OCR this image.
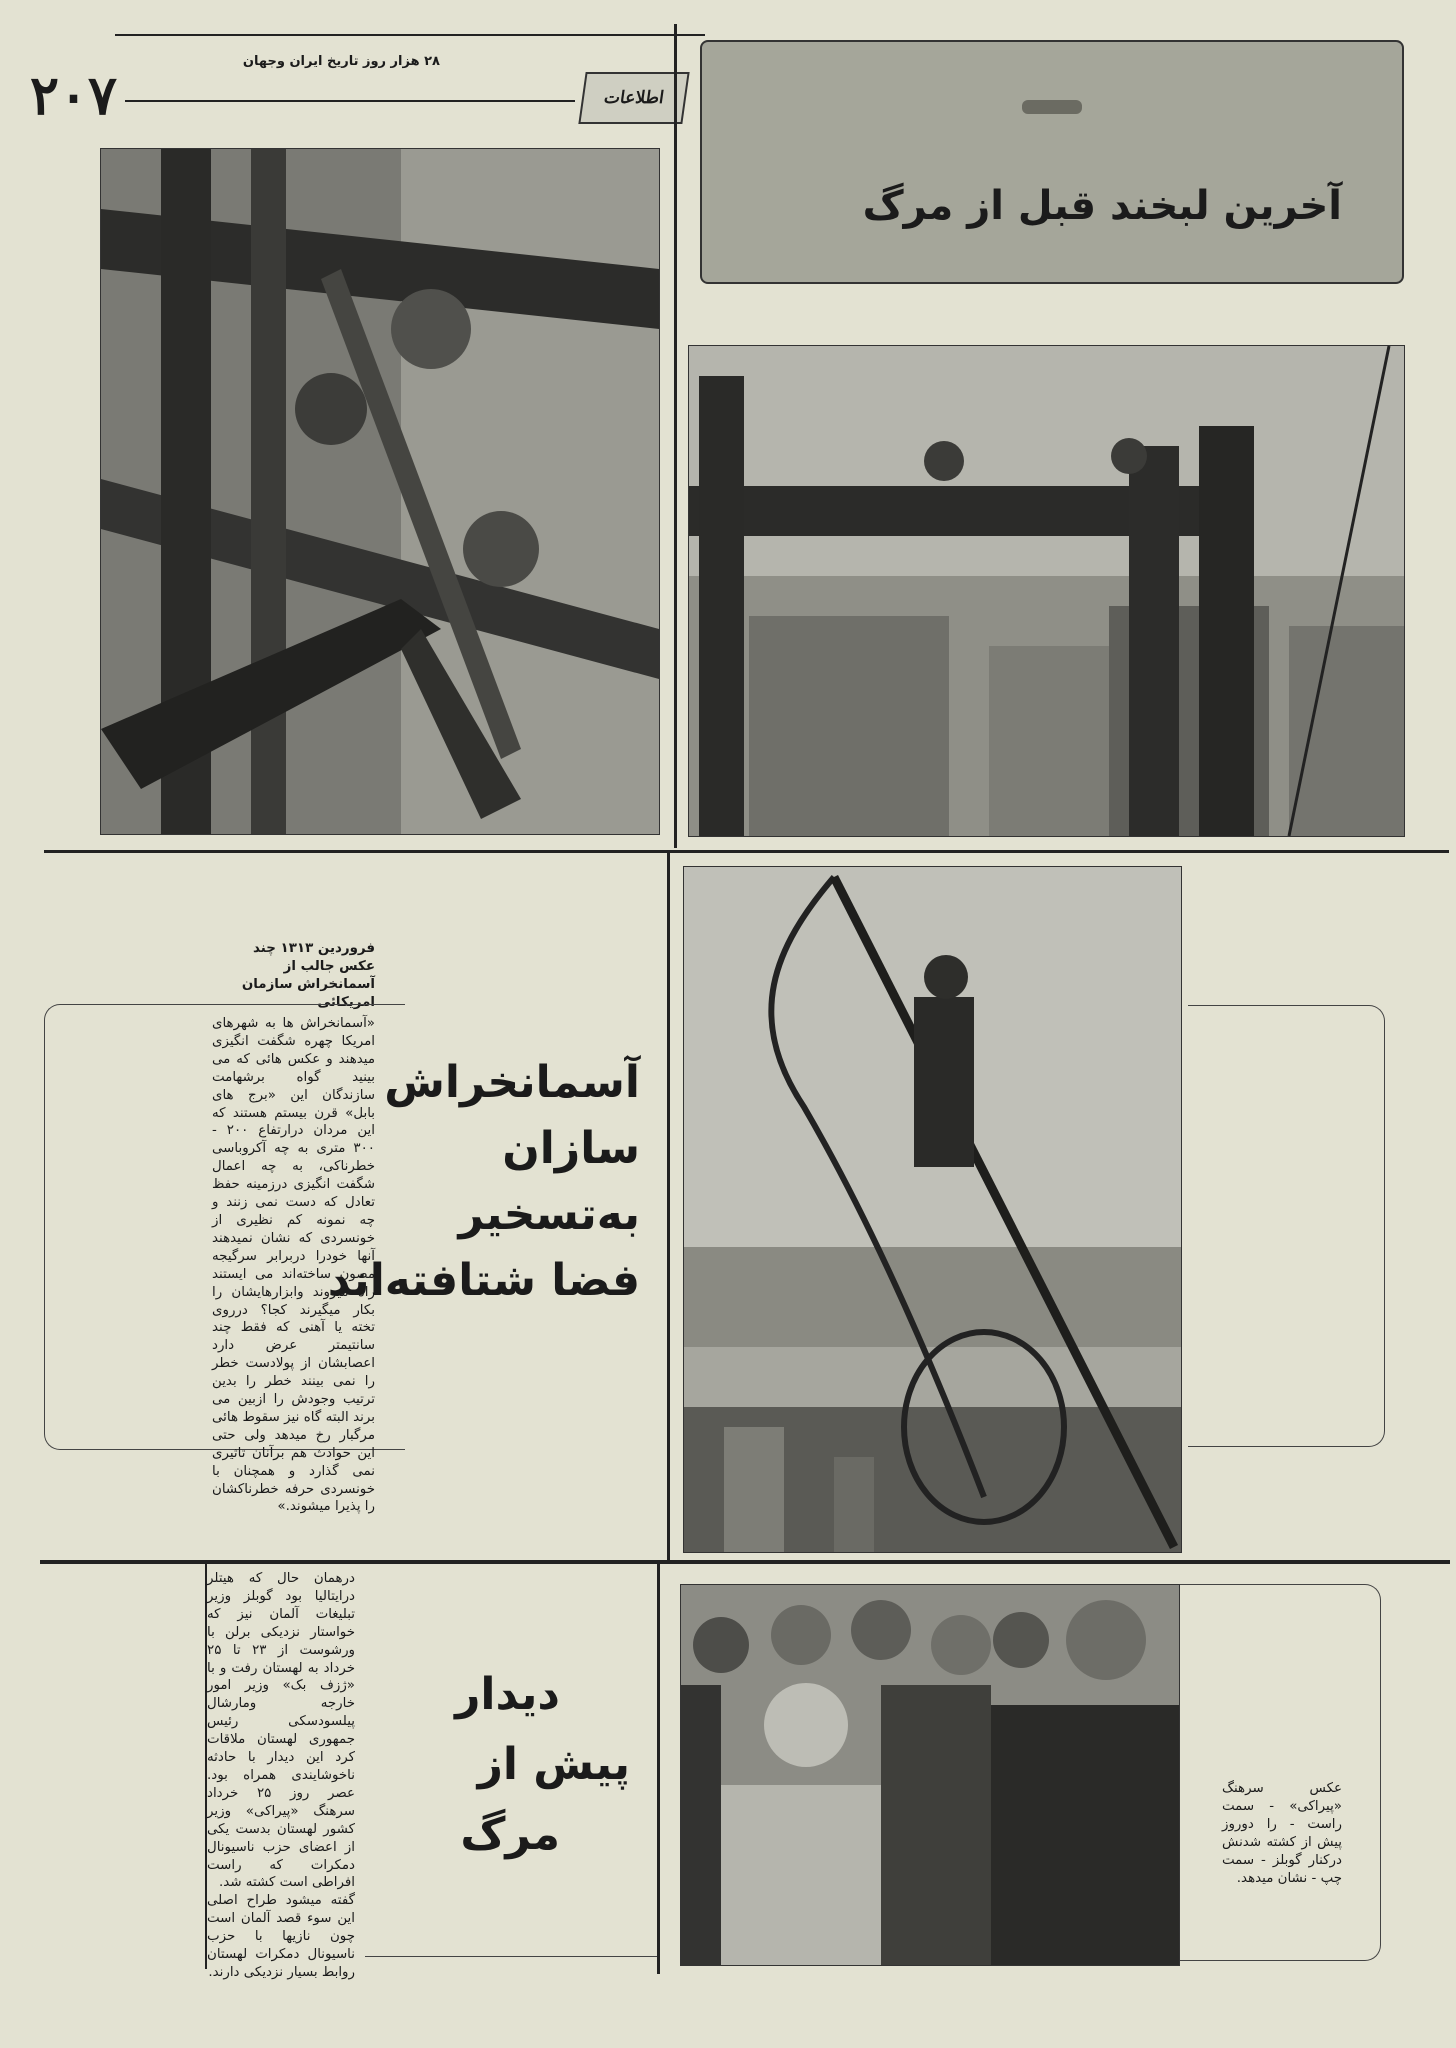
۲۰۷
۲۸ هزار روز تاریخ ایران وجهان
اطلاعات
آخرین لبخند قبل از مرگ
فروردین ۱۳۱۳ چند عکس جالب از آسمانخراش سازمان امریکائی
«آسمانخراش ها به شهرهای امریکا چهره شگفت انگیزی میدهند و عکس هائی که می بینید گواه برشهامت سازندگان این «برج های بابل» قرن بیستم هستند که این مردان درارتفاع ۲۰۰ - ۳۰۰ متری به چه آکروباسی خطرناکی، به چه اعمال شگفت انگیزی درزمینه حفظ تعادل که دست نمی زنند و چه نمونه کم نظیری از خونسردی که نشان نمیدهند آنها خودرا دربرابر سرگیجه مصون ساخته‌اند می ایستند راه میروند وابزارهایشان را بکار میگیرند کجا؟ درروی تخته یا آهنی که فقط چند سانتیمتر عرض دارد اعصابشان از پولادست خطر را نمی بینند خطر را بدین ترتیب وجودش را ازبین می برند البته گاه نیز سقوط هائی مرگبار رخ میدهد ولی حتی این حوادث هم برآنان تاثیری نمی گذارد و همچنان با خونسردی حرفه خطرناکشان را پذیرا میشوند.»
آسمانخراش
سازان
به‌تسخیر
فضا شتافته‌اند
درهمان حال که هیتلر درایتالیا بود گوبلز وزیر تبلیغات آلمان نیز که خواستار نزدیکی برلن با ورشوست از ۲۳ تا ۲۵ خرداد به لهستان رفت و با «ژزف بک» وزیر امور خارجه ومارشال پیلسودسکی رئیس جمهوری لهستان ملاقات کرد این دیدار با حادثه ناخوشایندی همراه بود. عصر روز ۲۵ خرداد سرهنگ «پیراکی» وزیر کشور لهستان بدست یکی از اعضای حزب ناسیونال دمکرات که راست افراطی است کشته شد.
گفته میشود طراح اصلی این سوء قصد آلمان است چون نازیها با حزب ناسیونال دمکرات لهستان روابط بسیار نزدیکی دارند.
دیدار
پیش از
مرگ
عکس سرهنگ «پیراکی» - سمت راست - را دوروز پیش از کشته شدنش درکنار گوبلز - سمت چپ - نشان میدهد.
